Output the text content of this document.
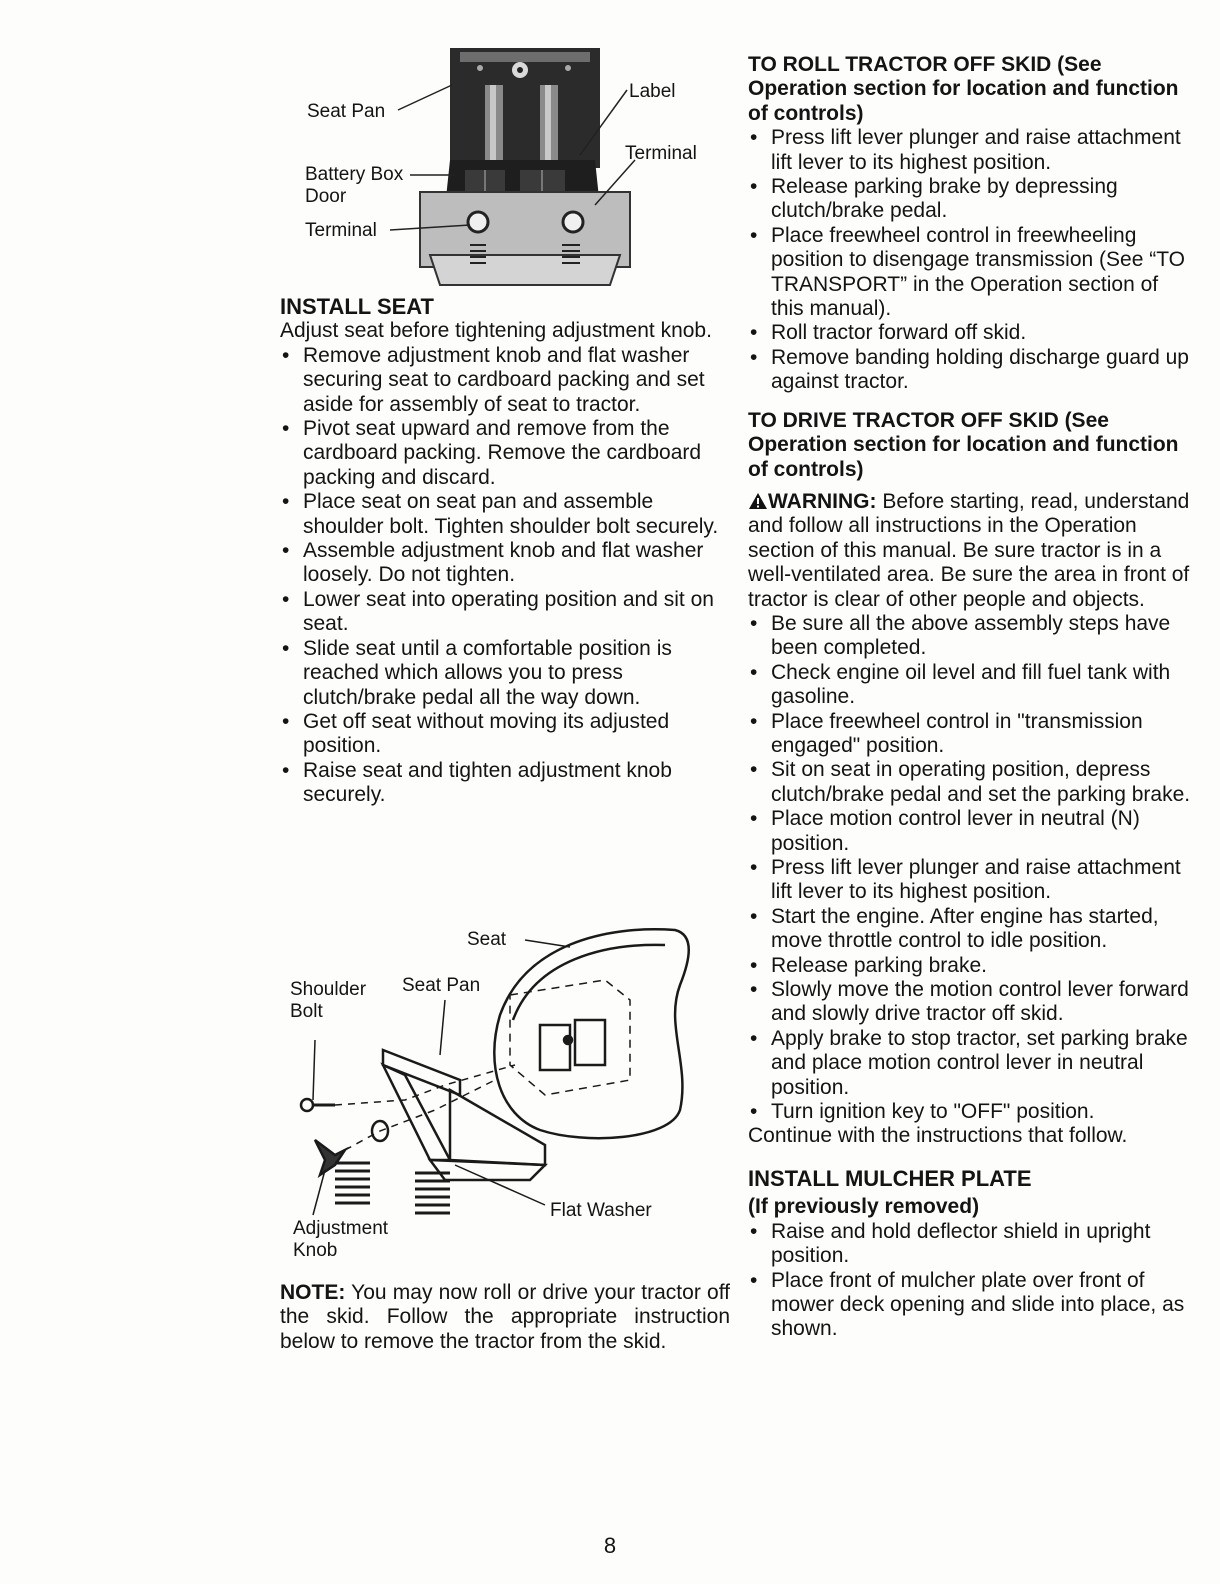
Seat Pan
Label
Terminal
Battery Box
Door
Terminal
INSTALL SEAT

Adjust seat before tightening adjustment knob.

• Remove adjustment knob and flat washer securing seat to cardboard packing and set aside for assembly of seat to tractor.
• Pivot seat upward and remove from the cardboard packing. Remove the cardboard packing and discard.
• Place seat on seat pan and assemble shoulder bolt. Tighten shoulder bolt securely.
• Assemble adjustment knob and flat washer loosely. Do not tighten.
• Lower seat into operating position and sit on seat.
• Slide seat until a comfortable position is reached which allows you to press clutch/brake pedal all the way down.
• Get off seat without moving its adjusted position.
• Raise seat and tighten adjustment knob securely.
Seat
Shoulder
Bolt
Seat Pan
Flat Washer
Adjustment
Knob

NOTE: You may now roll or drive your tractor off the skid. Follow the appropriate instruction below to remove the tractor from the skid.

TO ROLL TRACTOR OFF SKID (See Operation section for location and function of controls)

• Press lift lever plunger and raise attachment lift lever to its highest position.
• Release parking brake by depressing clutch/brake pedal.
• Place freewheel control in freewheeling position to disengage transmission (See “TO TRANSPORT” in the Operation section of this manual).
• Roll tractor forward off skid.
• Remove banding holding discharge guard up against tractor.

TO DRIVE TRACTOR OFF SKID (See Operation section for location and function of controls)

WARNING: Before starting, read, understand and follow all instructions in the Operation section of this manual. Be sure tractor is in a well-ventilated area. Be sure the area in front of tractor is clear of other people and objects.

• Be sure all the above assembly steps have been completed.
• Check engine oil level and fill fuel tank with gasoline.
• Place freewheel control in "transmission engaged" position.
• Sit on seat in operating position, depress clutch/brake pedal and set the parking brake.
• Place motion control lever in neutral (N) position.
• Press lift lever plunger and raise attachment lift lever to its highest position.
• Start the engine. After engine has started, move throttle control to idle position.
• Release parking brake.
• Slowly move the motion control lever forward and slowly drive tractor off skid.
• Apply brake to stop tractor, set parking brake and place motion control lever in neutral position.
• Turn ignition key to "OFF" position.

Continue with the instructions that follow.

INSTALL MULCHER PLATE

(If previously removed)

• Raise and hold deflector shield in upright position.
• Place front of mulcher plate over front of mower deck opening and slide into place, as shown.
8
